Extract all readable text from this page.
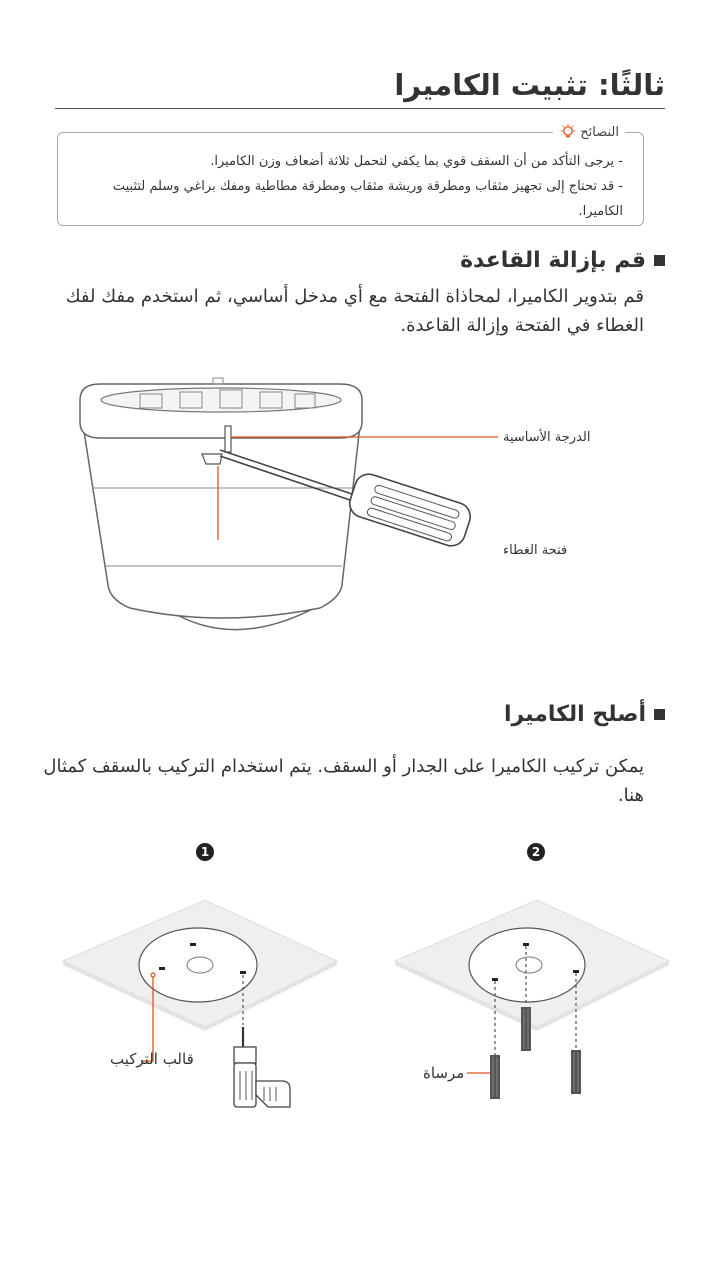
ثالثًا: تثبيت الكاميرا
النصائح

- يرجى التأكد من أن السقف قوي بما يكفي لتحمل ثلاثة أضعاف وزن الكاميرا.

- قد تحتاج إلى تجهيز مثقاب ومطرقة وريشة مثقاب ومطرقة مطاطية ومفك براغي وسلم لتثبيت الكاميرا.

قم بإزالة القاعدة
قم بتدوير الكاميرا، لمحاذاة الفتحة مع أي مدخل أساسي، ثم استخدم مفك لفك الغطاء في الفتحة وإزالة القاعدة.
الدرجة الأساسية
فتحة الغطاء
أصلح الكاميرا
يمكن تركيب الكاميرا على الجدار أو السقف. يتم استخدام التركيب بالسقف كمثال هنا.
1	2
قالب التركيب
مرساة
